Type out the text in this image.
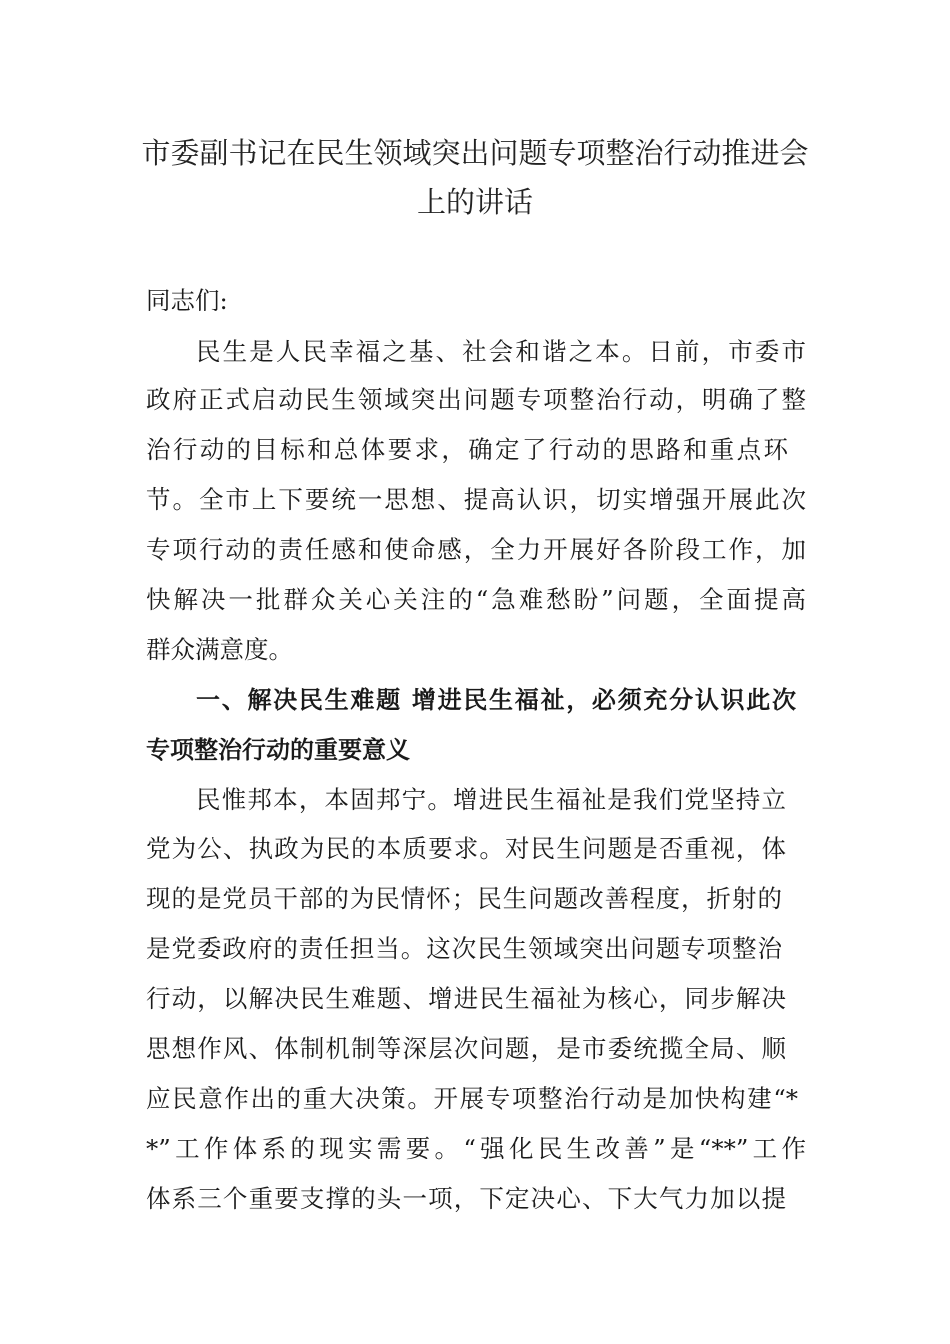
市委副书记在民生领域突出问题专项整治行动推进会
上的讲话
同志们:
民生是人民幸福之基、社会和谐之本。日前，市委市
政府正式启动民生领域突出问题专项整治行动，明确了整
治行动的目标和总体要求，确定了行动的思路和重点环
节。全市上下要统一思想、提高认识，切实增强开展此次
专项行动的责任感和使命感，全力开展好各阶段工作，加
快解决一批群众关心关注的“急难愁盼”问题，全面提高
群众满意度。
一、解决民生难题 增进民生福祉，必须充分认识此次
专项整治行动的重要意义
民惟邦本，本固邦宁。增进民生福祉是我们党坚持立
党为公、执政为民的本质要求。对民生问题是否重视，体
现的是党员干部的为民情怀；民生问题改善程度，折射的
是党委政府的责任担当。这次民生领域突出问题专项整治
行动，以解决民生难题、增进民生福祉为核心，同步解决
思想作风、体制机制等深层次问题，是市委统揽全局、顺
应民意作出的重大决策。开展专项整治行动是加快构建“*
*”工作体系的现实需要。“强化民生改善”是“**”工作
体系三个重要支撑的头一项，下定决心、下大气力加以提
